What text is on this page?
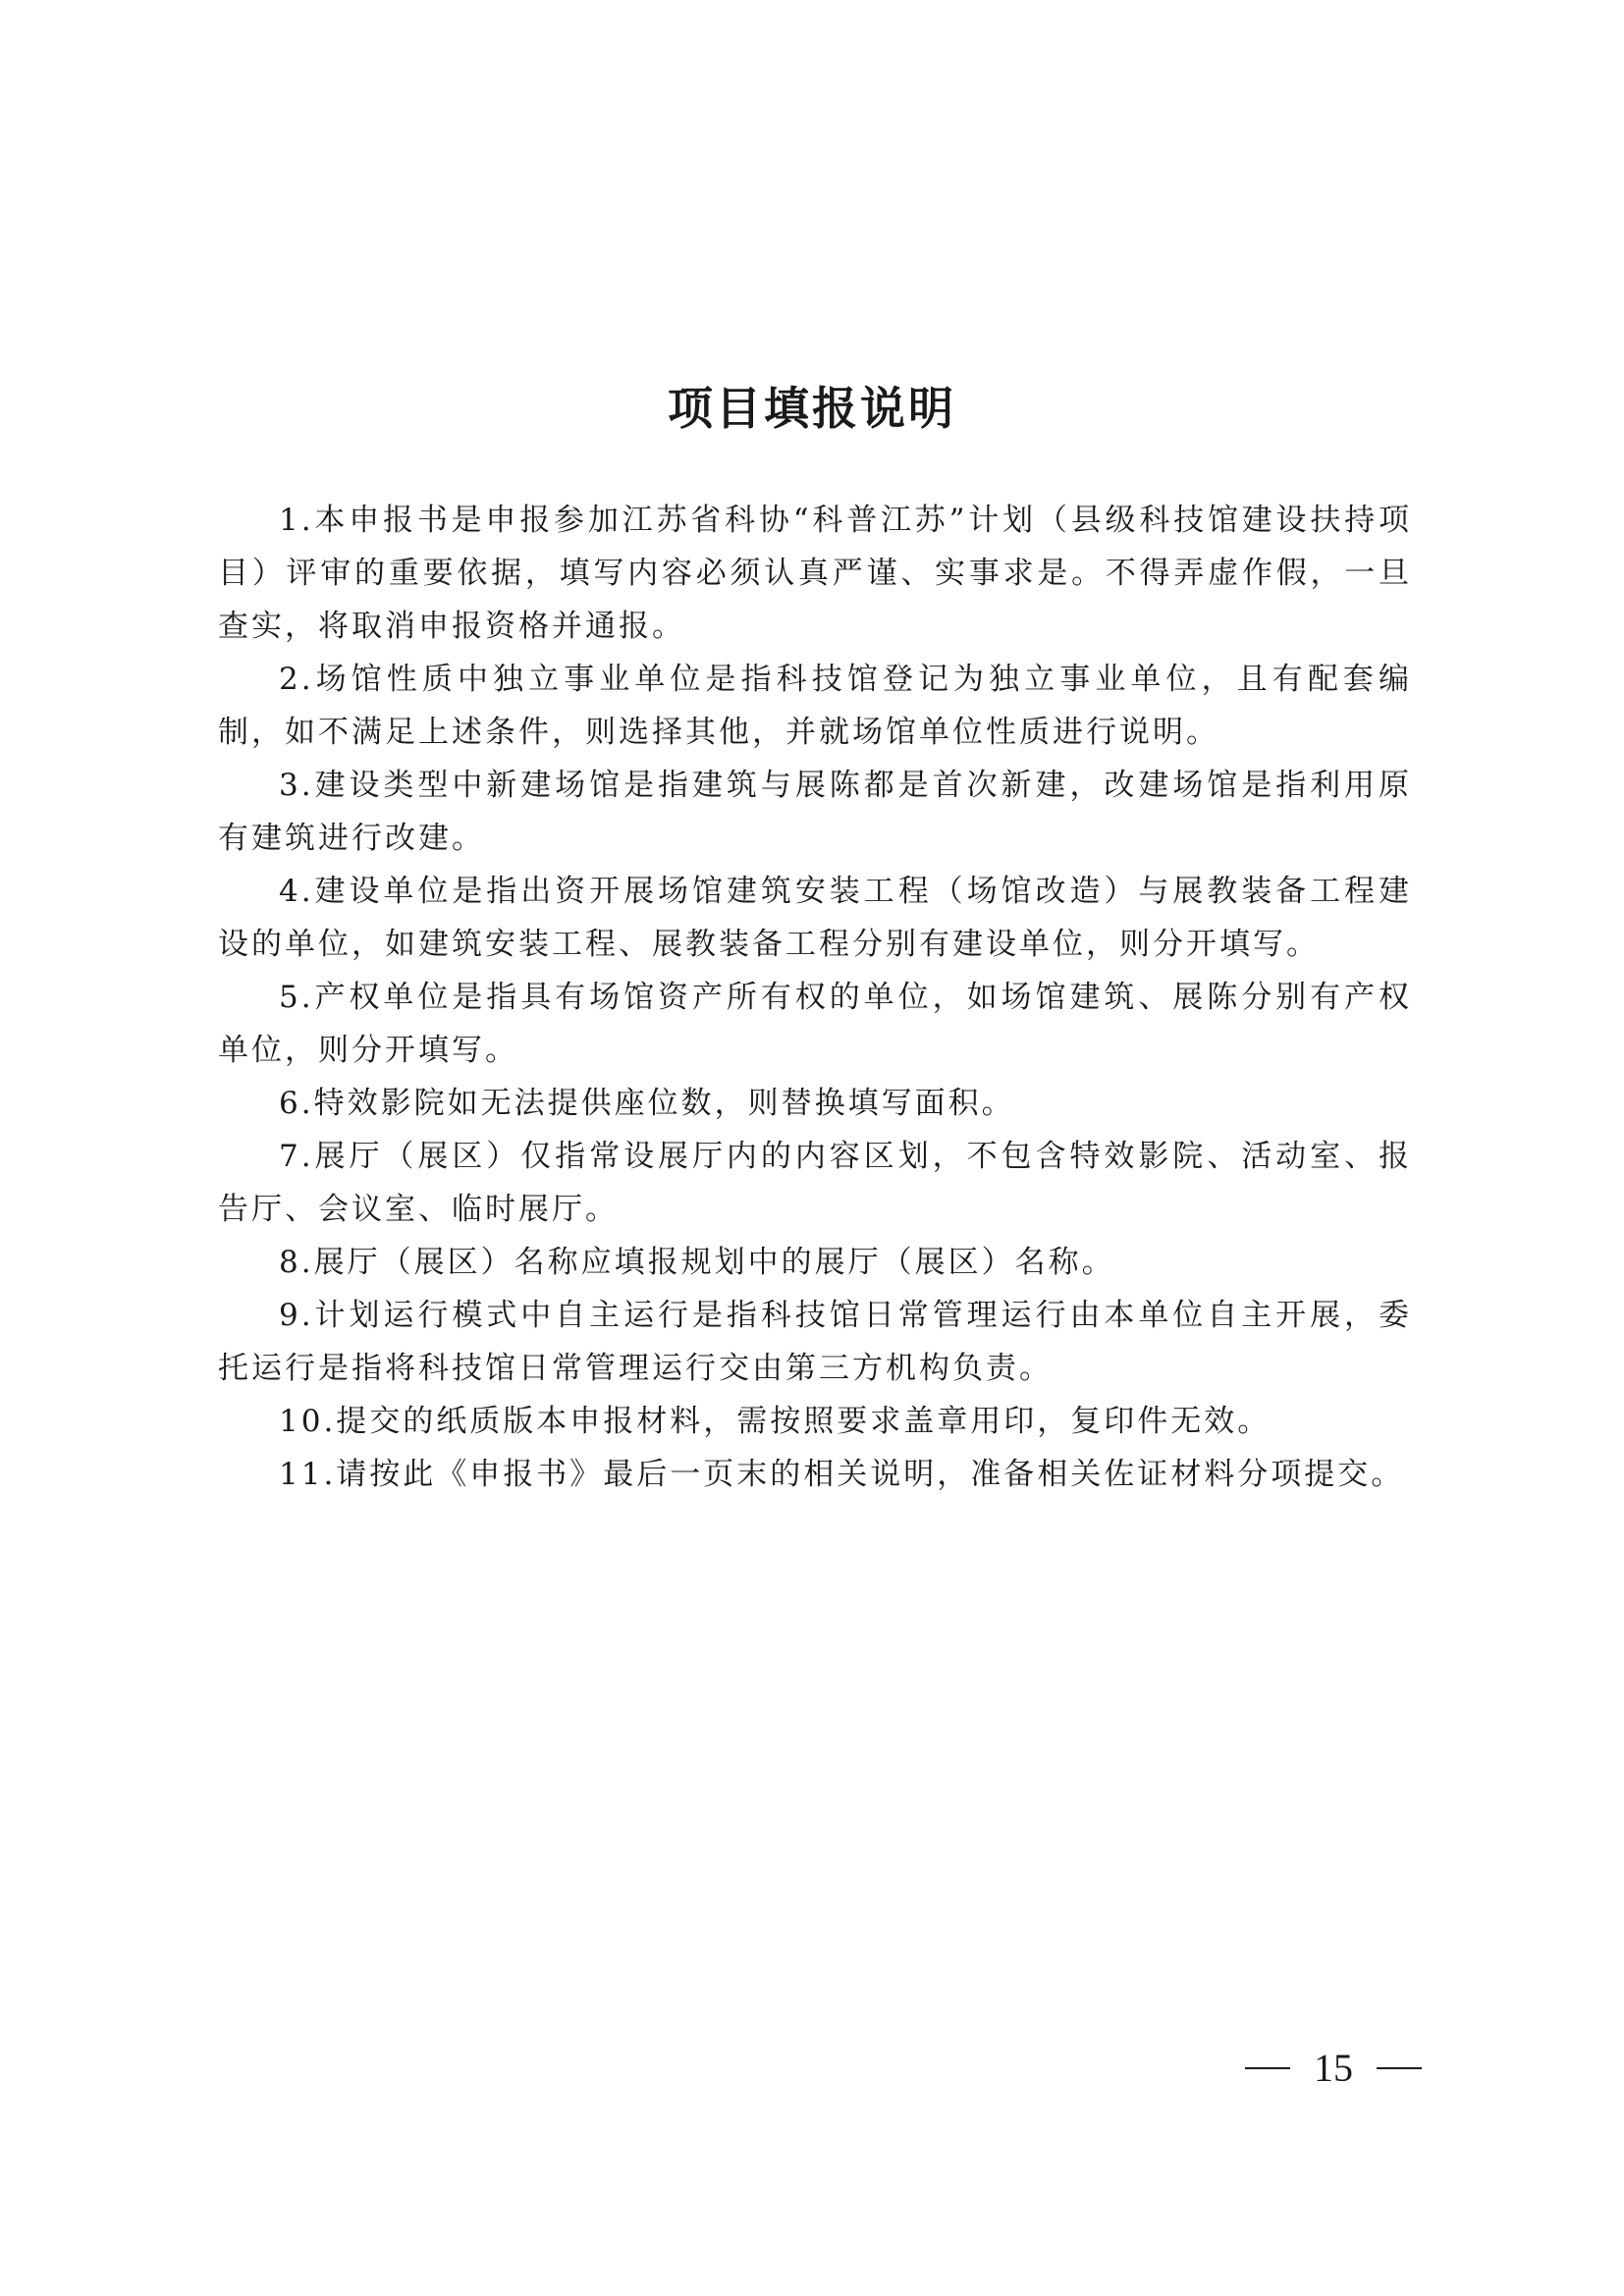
项目填报说明

1.本申报书是申报参加江苏省科协“科普江苏”计划（县级科技馆建设扶持项目）评审的重要依据，填写内容必须认真严谨、实事求是。不得弄虚作假，一旦查实，将取消申报资格并通报。

2.场馆性质中独立事业单位是指科技馆登记为独立事业单位，且有配套编制，如不满足上述条件，则选择其他，并就场馆单位性质进行说明。

3.建设类型中新建场馆是指建筑与展陈都是首次新建，改建场馆是指利用原有建筑进行改建。

4.建设单位是指出资开展场馆建筑安装工程（场馆改造）与展教装备工程建设的单位，如建筑安装工程、展教装备工程分别有建设单位，则分开填写。

5.产权单位是指具有场馆资产所有权的单位，如场馆建筑、展陈分别有产权单位，则分开填写。

6.特效影院如无法提供座位数，则替换填写面积。

7.展厅（展区）仅指常设展厅内的内容区划，不包含特效影院、活动室、报告厅、会议室、临时展厅。

8.展厅（展区）名称应填报规划中的展厅（展区）名称。

9.计划运行模式中自主运行是指科技馆日常管理运行由本单位自主开展，委托运行是指将科技馆日常管理运行交由第三方机构负责。

10.提交的纸质版本申报材料，需按照要求盖章用印，复印件无效。

11.请按此《申报书》最后一页末的相关说明，准备相关佐证材料分项提交。

15
